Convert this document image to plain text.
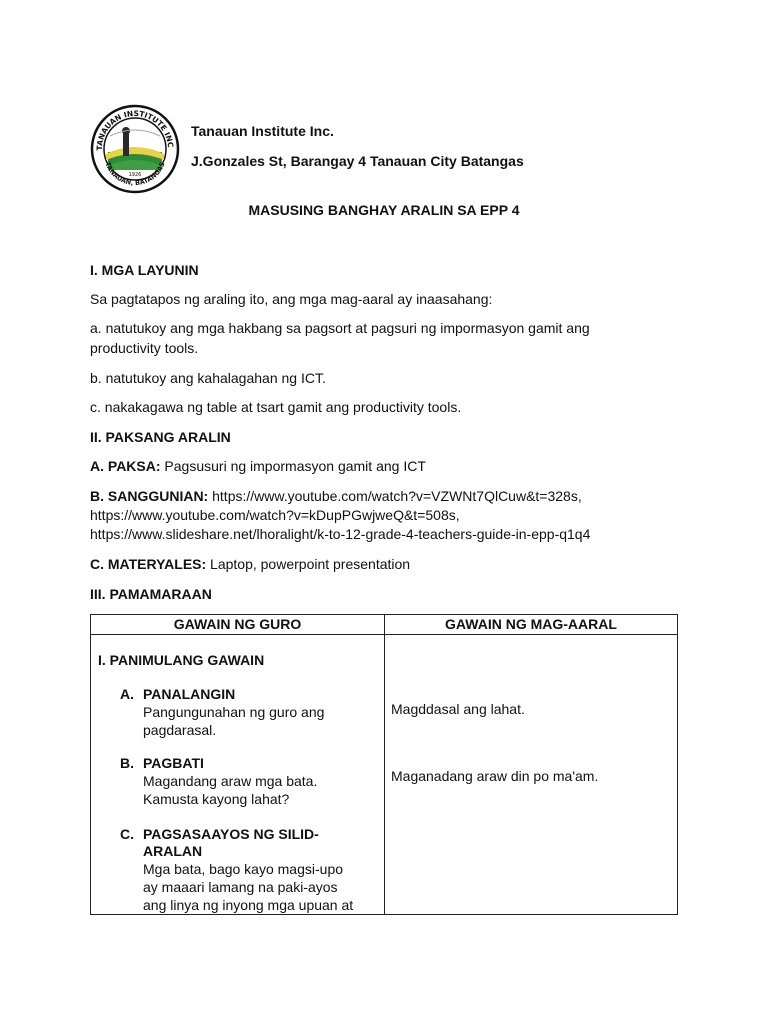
TANAUAN INSTITUTE INC
TANAUAN, BATANGAS
1926
Tanauan Institute Inc.
J.Gonzales St, Barangay 4 Tanauan City Batangas
MASUSING BANGHAY ARALIN SA EPP 4
I. MGA LAYUNIN
Sa pagtatapos ng araling ito, ang mga mag-aaral ay inaasahang:
a. natutukoy ang mga hakbang sa pagsort at pagsuri ng impormasyon gamit ang productivity tools.
b. natutukoy ang kahalagahan ng ICT.
c. nakakagawa ng table at tsart gamit ang productivity tools.
II. PAKSANG ARALIN
A. PAKSA: Pagsusuri ng impormasyon gamit ang ICT
B. SANGGUNIAN: https://www.youtube.com/watch?v=VZWNt7QlCuw&t=328s,
https://www.youtube.com/watch?v=kDupPGwjweQ&t=508s,
https://www.slideshare.net/lhoralight/k-to-12-grade-4-teachers-guide-in-epp-q1q4
C. MATERYALES: Laptop, powerpoint presentation
III. PAMAMARAAN
GAWAIN NG GURO	GAWAIN NG MAG-AARAL
I. PANIMULANG GAWAIN
A. PANALANGIN
Pangungunahan ng guro ang
pagdarasal.
Magddasal ang lahat.
B. PAGBATI
Magandang araw mga bata.
Kamusta kayong lahat?
Maganadang araw din po ma'am.
C. PAGSASAAYOS NG SILID-
ARALAN
Mga bata, bago kayo magsi-upo
ay maaari lamang na paki-ayos
ang linya ng inyong mga upuan at
